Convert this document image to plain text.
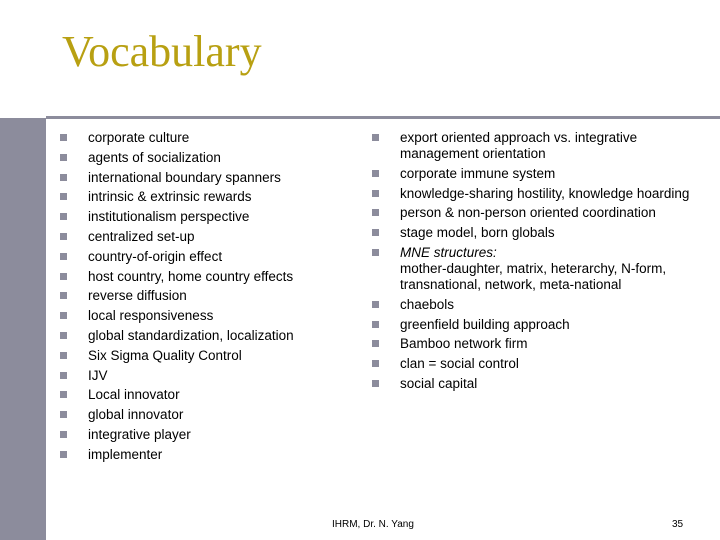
Vocabulary
corporate culture
agents of socialization
international boundary spanners
intrinsic & extrinsic rewards
institutionalism perspective
centralized set-up
country-of-origin effect
host country, home country effects
reverse diffusion
local responsiveness
global standardization, localization
Six Sigma Quality Control
IJV
Local innovator
global innovator
integrative player
implementer
export oriented approach vs. integrative management orientation
corporate immune system
knowledge-sharing hostility, knowledge hoarding
person & non-person oriented coordination
stage model, born globals
MNE structures:
mother-daughter, matrix, heterarchy, N-form, transnational, network, meta-national
chaebols
greenfield building approach
Bamboo network firm
clan = social control
social capital
IHRM, Dr. N. Yang	35
